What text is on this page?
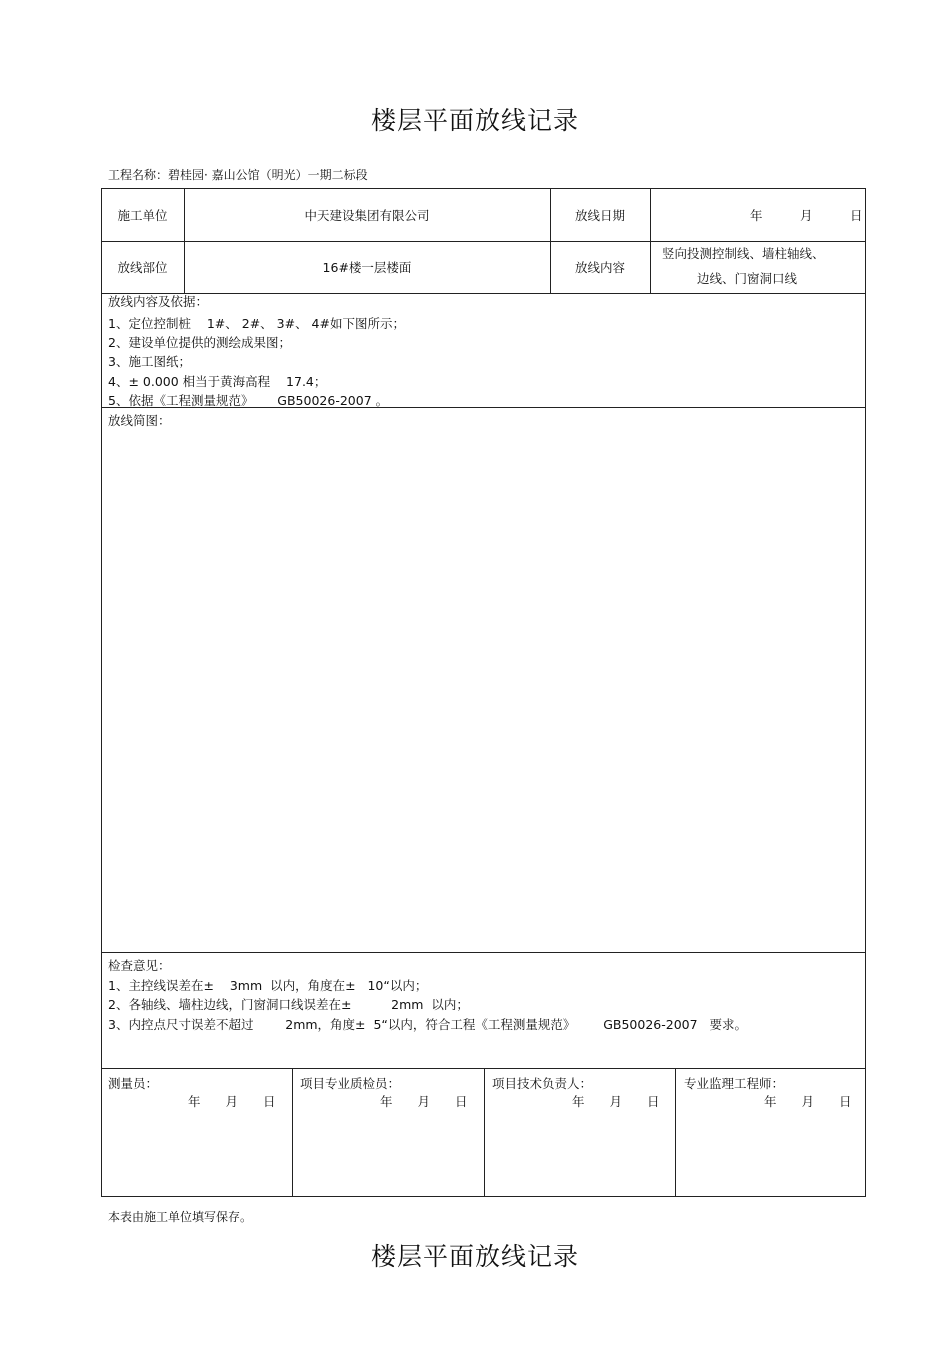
楼层平面放线记录
工程名称：碧桂园· 嘉山公馆（明光）一期二标段
施工单位	中天建设集团有限公司	放线日期	年　　　月　　　日
放线部位	16#楼一层楼面	放线内容
竖向投测控制线、墙柱轴线、
边线、门窗洞口线
放线内容及依据：
1、定位控制桩    1#、 2#、 3#、 4#如下图所示；
2、建设单位提供的测绘成果图；
3、施工图纸；
4、± 0.000 相当于黄海高程    17.4；
5、依据《工程测量规范》      GB50026-2007 。
放线简图：
检查意见：
1、主控线误差在±    3mm  以内，角度在±   10“以内；
2、各轴线、墙柱边线，门窗洞口线误差在±          2mm  以内；
3、内控点尺寸误差不超过        2mm，角度±  5“以内，符合工程《工程测量规范》       GB50026-2007   要求。
测量员：
年　　月　　日
项目专业质检员：
年　　月　　日
项目技术负责人：
年　　月　　日
专业监理工程师：
年　　月　　日
本表由施工单位填写保存。
楼层平面放线记录
